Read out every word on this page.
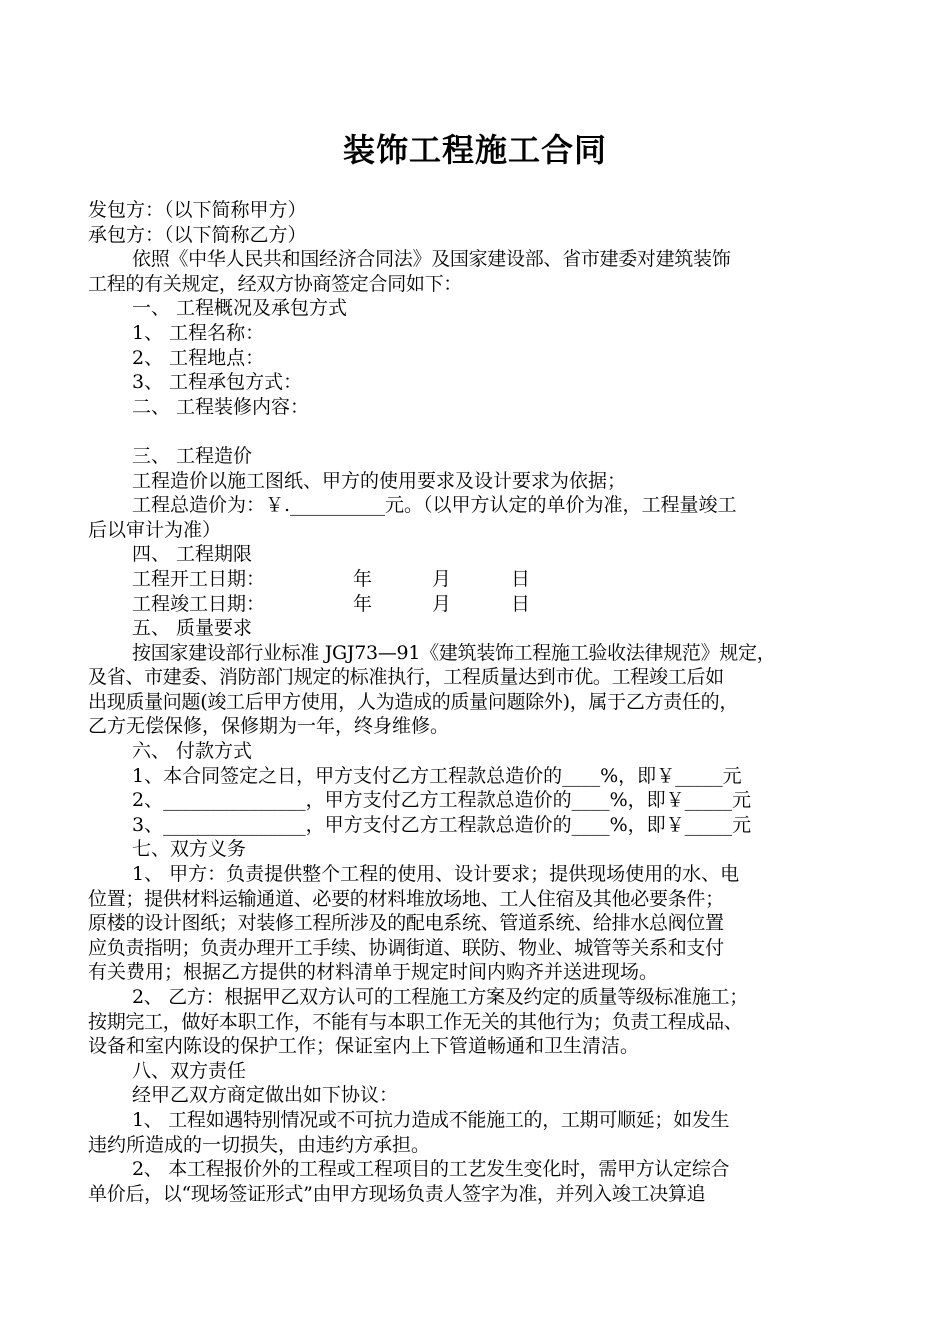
装饰工程施工合同
发包方：（以下简称甲方）
承包方：（以下简称乙方）
依照《中华人民共和国经济合同法》及国家建设部、省市建委对建筑装饰
工程的有关规定，经双方协商签定合同如下：
一、 工程概况及承包方式
1、 工程名称：
2、 工程地点：
3、 工程承包方式：
二、 工程装修内容：
三、 工程造价
工程造价以施工图纸、甲方的使用要求及设计要求为依据；
工程总造价为：￥.__________元。（以甲方认定的单价为准，工程量竣工
后以审计为准）
四、 工程期限
工程开工日期：	年	月	日
工程竣工日期：	年	月	日
五、 质量要求
按国家建设部行业标准 JGJ73—91《建筑装饰工程施工验收法律规范》规定，
及省、市建委、消防部门规定的标准执行，工程质量达到市优。工程竣工后如
出现质量问题(竣工后甲方使用，人为造成的质量问题除外)，属于乙方责任的，
乙方无偿保修，保修期为一年，终身维修。
六、 付款方式
1、本合同签定之日，甲方支付乙方工程款总造价的____%，即￥_____元
2、_______________，甲方支付乙方工程款总造价的____%，即￥_____元
3、_______________，甲方支付乙方工程款总造价的____%，即￥_____元
七、双方义务
1、 甲方：负责提供整个工程的使用、设计要求；提供现场使用的水、电
位置；提供材料运输通道、必要的材料堆放场地、工人住宿及其他必要条件；
原楼的设计图纸；对装修工程所涉及的配电系统、管道系统、给排水总阀位置
应负责指明；负责办理开工手续、协调街道、联防、物业、城管等关系和支付
有关费用；根据乙方提供的材料清单于规定时间内购齐并送进现场。
2、 乙方：根据甲乙双方认可的工程施工方案及约定的质量等级标准施工；
按期完工，做好本职工作，不能有与本职工作无关的其他行为；负责工程成品、
设备和室内陈设的保护工作；保证室内上下管道畅通和卫生清洁。
八、双方责任
经甲乙双方商定做出如下协议：
1、 工程如遇特别情况或不可抗力造成不能施工的，工期可顺延；如发生
违约所造成的一切损失，由违约方承担。
2、 本工程报价外的工程或工程项目的工艺发生变化时，需甲方认定综合
单价后，以“现场签证形式”由甲方现场负责人签字为准，并列入竣工决算追
